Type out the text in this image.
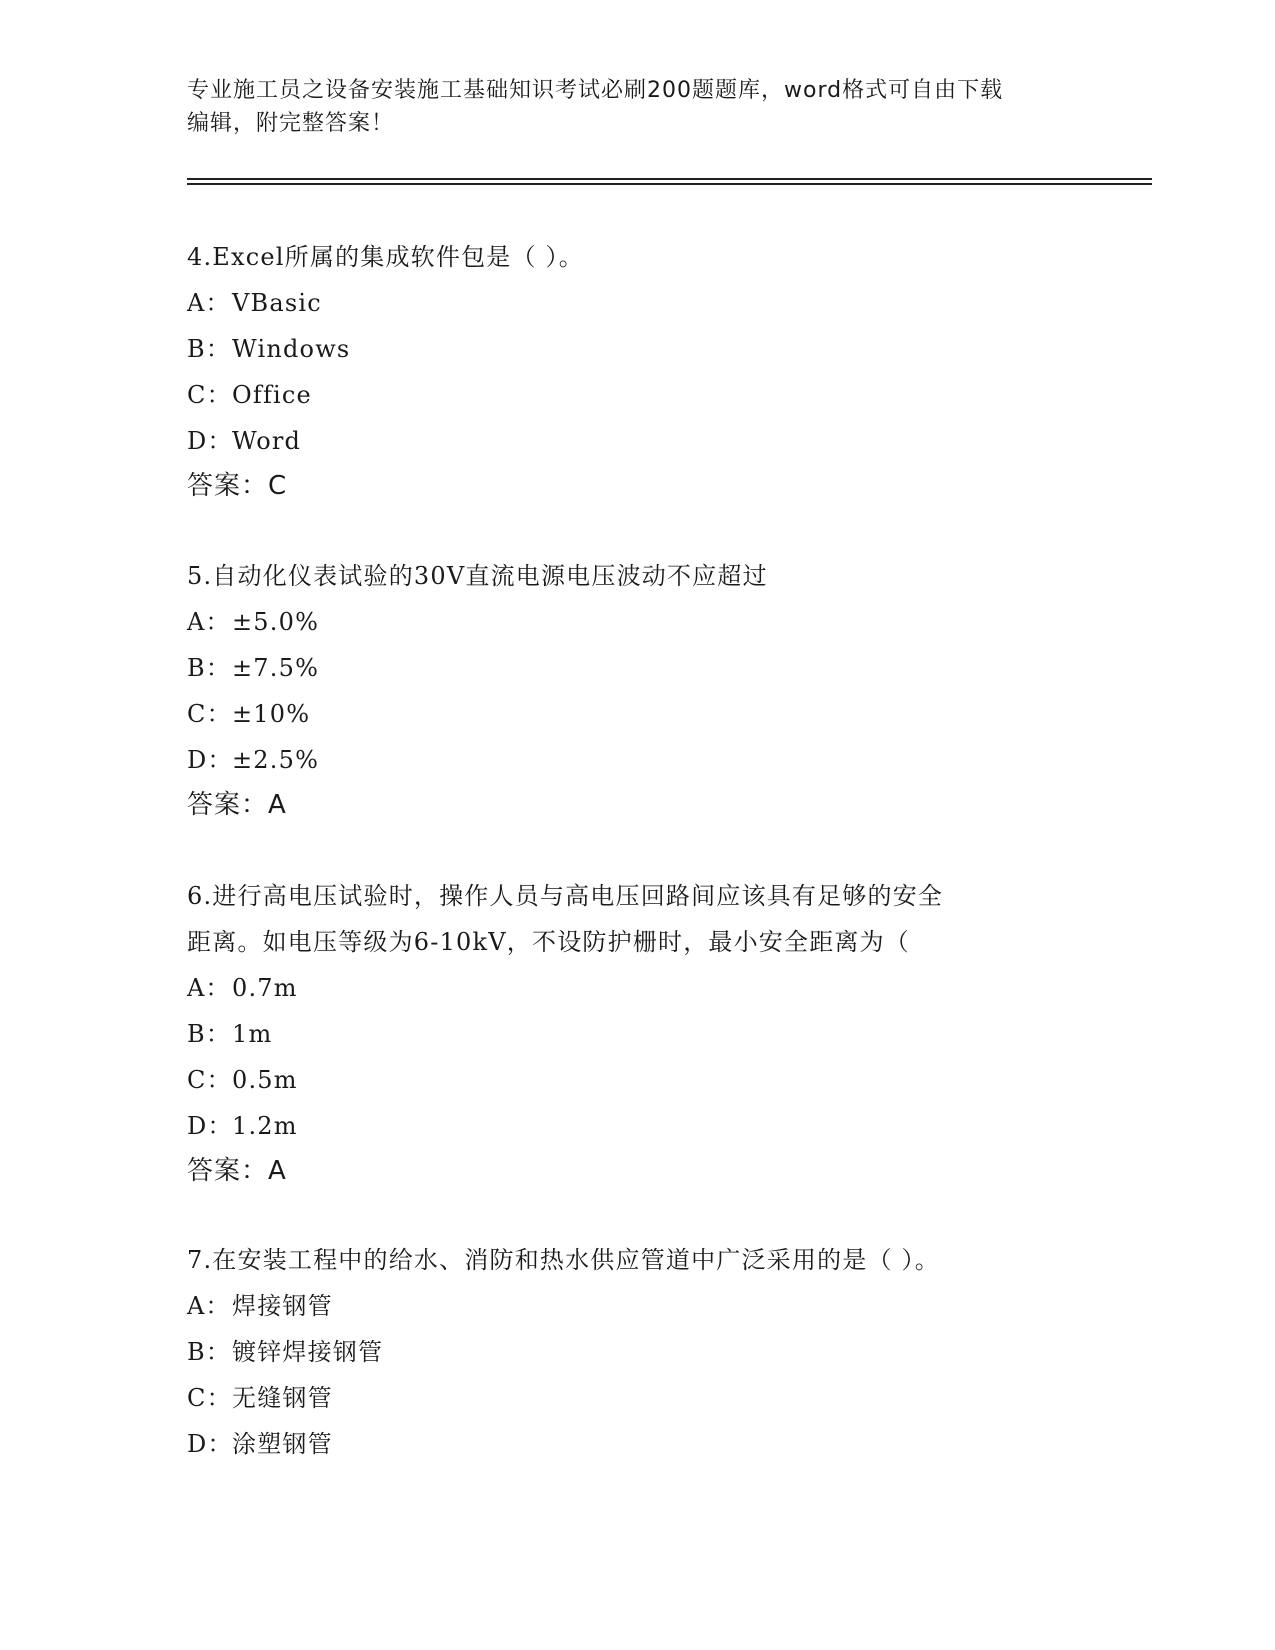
专业施工员之设备安装施工基础知识考试必刷200题题库，word格式可自由下载
编辑，附完整答案！
4.Excel所属的集成软件包是（ ）。
A：VBasic
B：Windows
C：Office
D：Word
答案：C
5.自动化仪表试验的30V直流电源电压波动不应超过
A：±5.0%
B：±7.5%
C：±10%
D：±2.5%
答案：A
6.进行高电压试验时，操作人员与高电压回路间应该具有足够的安全
距离。如电压等级为6-10kV，不设防护栅时，最小安全距离为（
A：0.7m
B：1m
C：0.5m
D：1.2m
答案：A
7.在安装工程中的给水、消防和热水供应管道中广泛采用的是（ ）。
A：焊接钢管
B：镀锌焊接钢管
C：无缝钢管
D：涂塑钢管
